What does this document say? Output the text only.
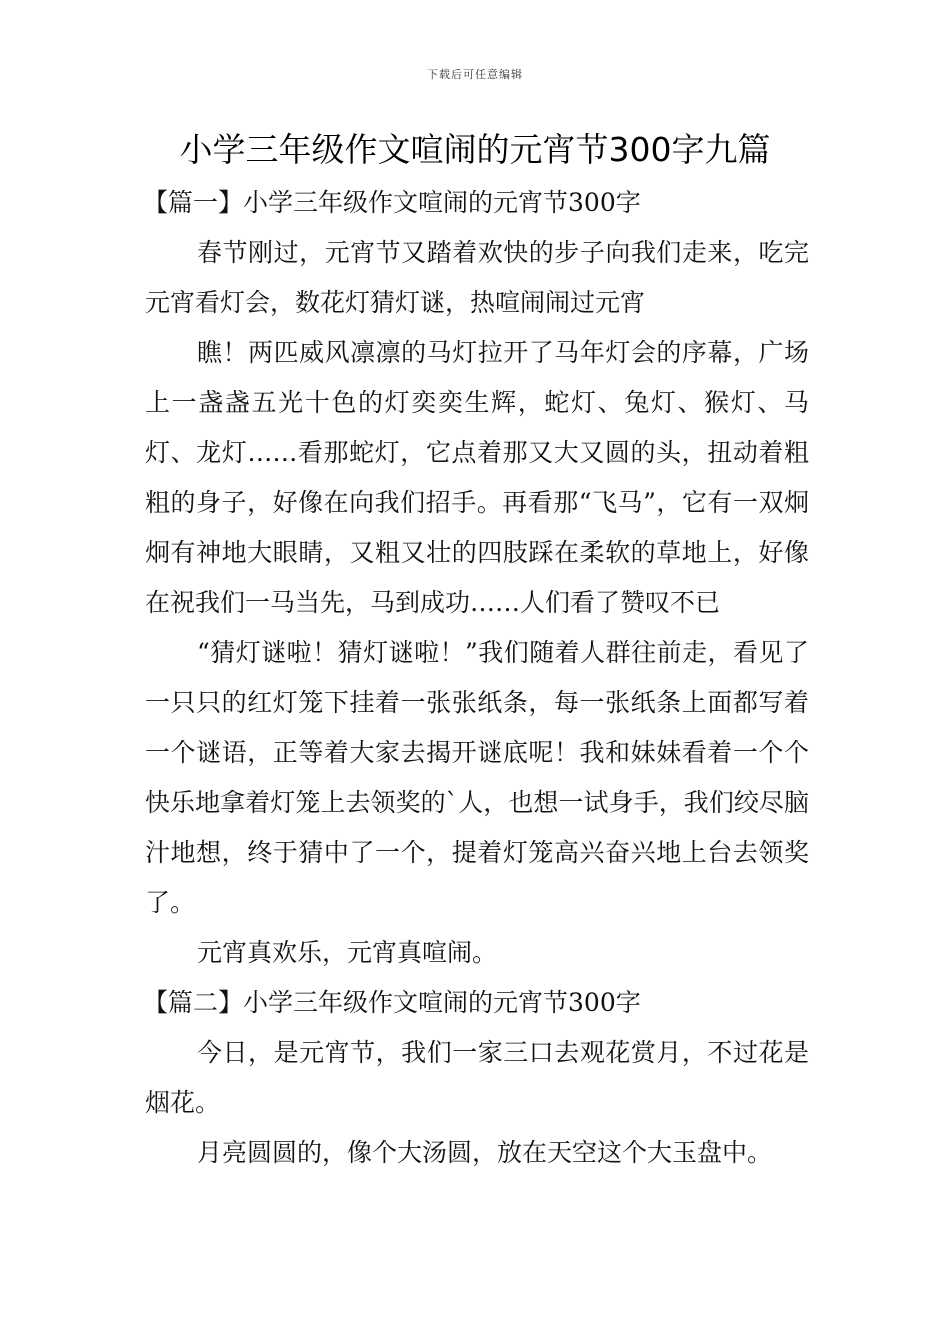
下载后可任意编辑
小学三年级作文喧闹的元宵节300字九篇

【篇一】小学三年级作文喧闹的元宵节300字

春节刚过，元宵节又踏着欢快的步子向我们走来，吃完元宵看灯会，数花灯猜灯谜，热喧闹闹过元宵

瞧！两匹威风凛凛的马灯拉开了马年灯会的序幕，广场上一盏盏五光十色的灯奕奕生辉，蛇灯、兔灯、猴灯、马灯、龙灯……看那蛇灯，它点着那又大又圆的头，扭动着粗粗的身子，好像在向我们招手。再看那“飞马”，它有一双炯炯有神地大眼睛，又粗又壮的四肢踩在柔软的草地上，好像在祝我们一马当先，马到成功……人们看了赞叹不已

“猜灯谜啦！猜灯谜啦！”我们随着人群往前走，看见了一只只的红灯笼下挂着一张张纸条，每一张纸条上面都写着一个谜语，正等着大家去揭开谜底呢！我和妹妹看着一个个快乐地拿着灯笼上去领奖的`人，也想一试身手，我们绞尽脑汁地想，终于猜中了一个，提着灯笼高兴奋兴地上台去领奖了。

元宵真欢乐，元宵真喧闹。

【篇二】小学三年级作文喧闹的元宵节300字

今日，是元宵节，我们一家三口去观花赏月，不过花是烟花。

月亮圆圆的，像个大汤圆，放在天空这个大玉盘中。
